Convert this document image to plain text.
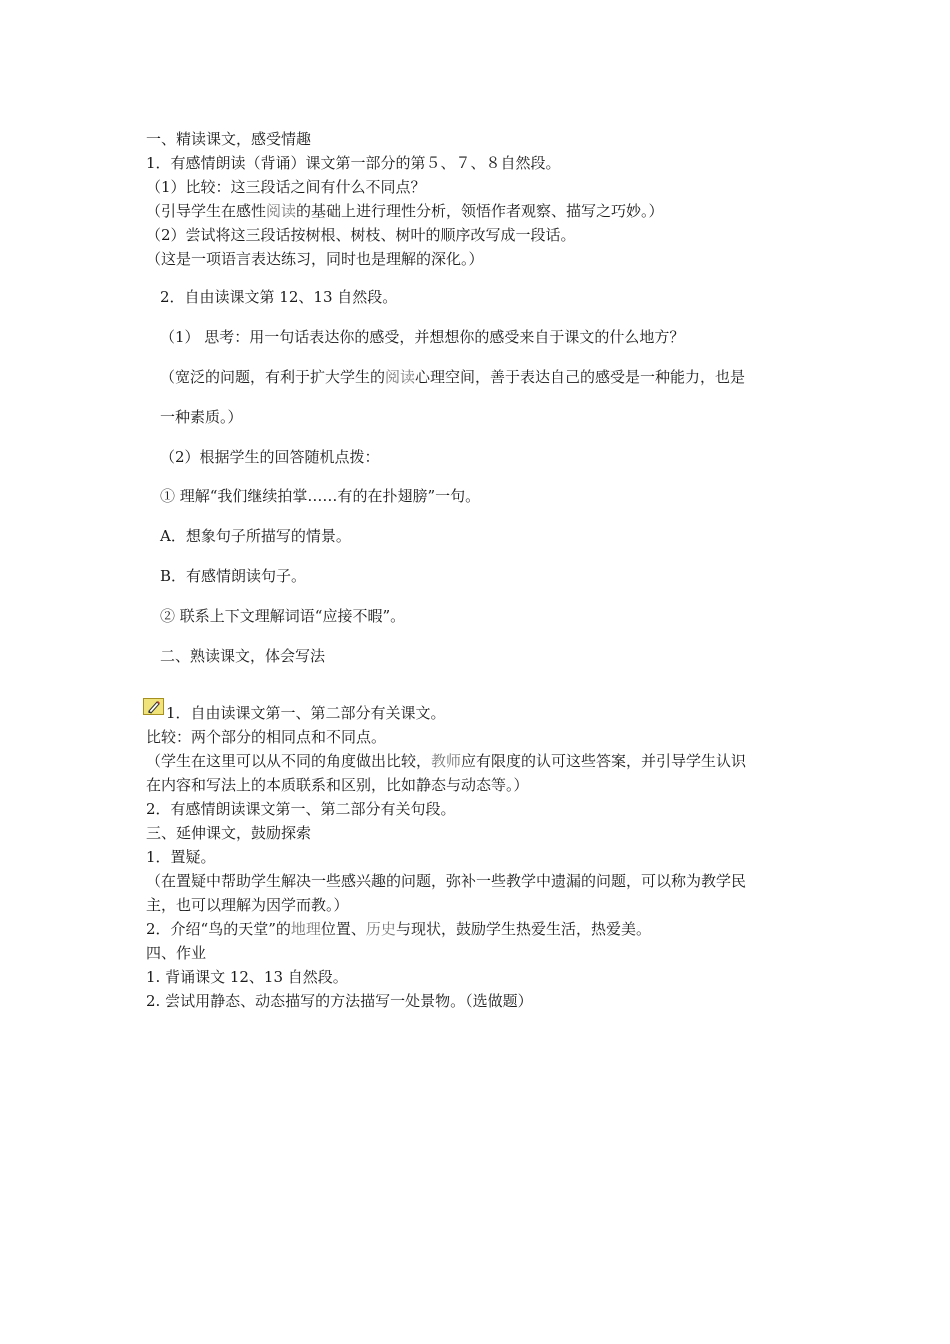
一、精读课文，感受情趣
1．有感情朗读（背诵）课文第一部分的第５、７、８自然段。
（1）比较：这三段话之间有什么不同点？
（引导学生在感性阅读的基础上进行理性分析，领悟作者观察、描写之巧妙。）
（2）尝试将这三段话按树根、树枝、树叶的顺序改写成一段话。
（这是一项语言表达练习，同时也是理解的深化。）
2．自由读课文第 12、13 自然段。
（1） 思考：用一句话表达你的感受，并想想你的感受来自于课文的什么地方？
（宽泛的问题，有利于扩大学生的阅读心理空间，善于表达自己的感受是一种能力，也是
一种素质。）
（2）根据学生的回答随机点拨：
① 理解“我们继续拍掌……有的在扑翅膀”一句。
A．想象句子所描写的情景。
B．有感情朗读句子。
② 联系上下文理解词语“应接不暇”。
二、熟读课文，体会写法
1．自由读课文第一、第二部分有关课文。
比较：两个部分的相同点和不同点。
（学生在这里可以从不同的角度做出比较，教师应有限度的认可这些答案，并引导学生认识
在内容和写法上的本质联系和区别，比如静态与动态等。）
2．有感情朗读课文第一、第二部分有关句段。
三、延伸课文，鼓励探索
1．置疑。
（在置疑中帮助学生解决一些感兴趣的问题，弥补一些教学中遗漏的问题，可以称为教学民
主，也可以理解为因学而教。）
2．介绍“鸟的天堂”的地理位置、历史与现状，鼓励学生热爱生活，热爱美。
四、作业
1. 背诵课文 12、13 自然段。
2. 尝试用静态、动态描写的方法描写一处景物。（选做题）
